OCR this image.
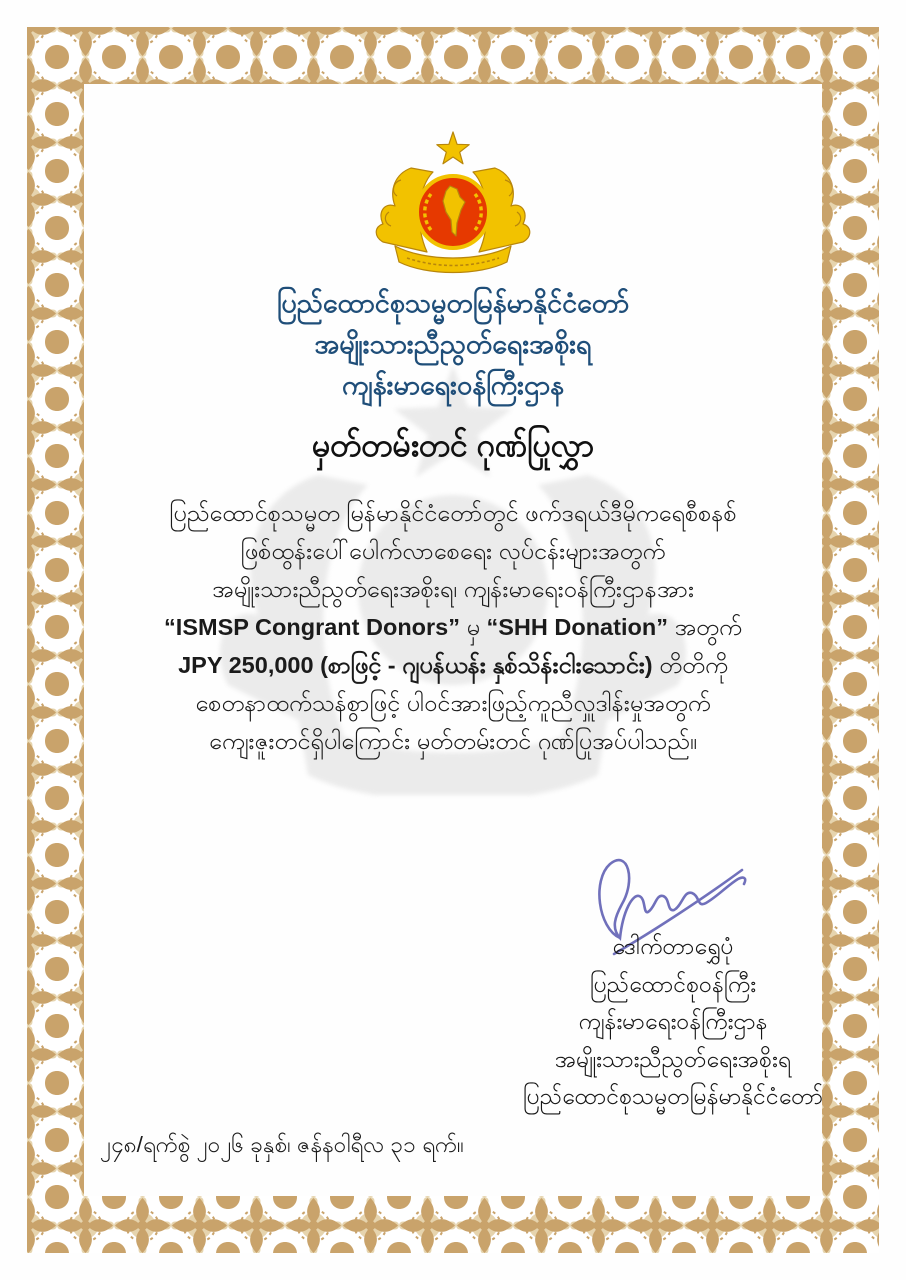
ပြည်ထောင်စုသမ္မတမြန်မာနိုင်ငံတော်
အမျိုးသားညီညွတ်ရေးအစိုးရ
ကျန်းမာရေးဝန်ကြီးဌာန
မှတ်တမ်းတင် ဂုဏ်ပြုလွှာ
ပြည်ထောင်စုသမ္မတ မြန်မာနိုင်ငံတော်တွင် ဖက်ဒရယ်ဒီမိုကရေစီစနစ်
ဖြစ်ထွန်းပေါ်ပေါက်လာစေရေး လုပ်ငန်းများအတွက်
အမျိုးသားညီညွတ်ရေးအစိုးရ၊ ကျန်းမာရေးဝန်ကြီးဌာနအား
“ISMSP Congrant Donors” မှ “SHH Donation” အတွက်
JPY 250,000 (စာဖြင့် - ဂျပန်ယန်း နှစ်သိန်းငါးသောင်း) တိတိကို
စေတနာထက်သန်စွာဖြင့် ပါဝင်အားဖြည့်ကူညီလှူဒါန်းမှုအတွက်
ကျေးဇူးတင်ရှိပါကြောင်း မှတ်တမ်းတင် ဂုဏ်ပြုအပ်ပါသည်။
ဒေါက်တာရွှေပုံ
ပြည်ထောင်စုဝန်ကြီး
ကျန်းမာရေးဝန်ကြီးဌာန
အမျိုးသားညီညွတ်ရေးအစိုးရ
ပြည်ထောင်စုသမ္မတမြန်မာနိုင်ငံတော်
၂၄၈/ရက်စွဲ ၂၀၂၆ ခုနှစ်၊ ဇန်နဝါရီလ ၃၁ ရက်။
